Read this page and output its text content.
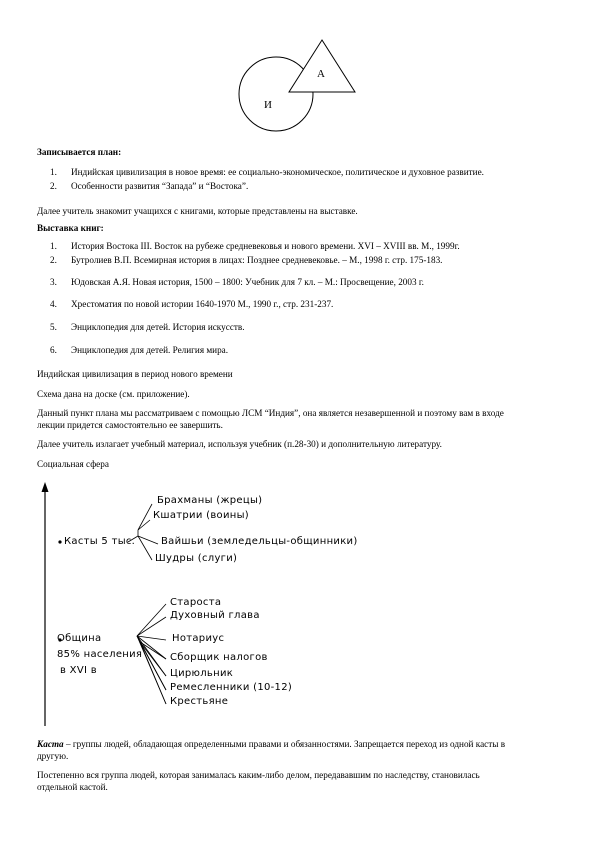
И
А
Записывается план:
1. Индийская цивилизация в новое время: ее социально-экономическое, политическое и духовное развитие.
2. Особенности развития “Запада” и “Востока”.
Далее учитель знакомит учащихся с книгами, которые представлены на выставке.
Выставка книг:
1. История Востока III. Восток на рубеже средневековья и нового времени. XVI – XVIII вв. М., 1999г.
2. Бутролиев В.П. Всемирная история в лицах: Позднее средневековье. – М., 1998 г. стр. 175-183.
3. Юдовская А.Я. Новая история, 1500 – 1800: Учебник для 7 кл. – М.: Просвещение, 2003 г.
4. Хрестоматия по новой истории 1640-1970 М., 1990 г., стр. 231-237.
5. Энциклопедия для детей. История искусств.
6. Энциклопедия для детей. Религия мира.
Индийская цивилизация в период нового времени
Схема дана на доске (см. приложение).
Данный пункт плана мы рассматриваем с помощью ЛСМ “Индия”, она является незавершенной и поэтому вам в входе
лекции придется самостоятельно ее завершить.
Далее учитель излагает учебный материал, используя учебник (п.28-30) и дополнительную литературу.
Социальная сфера
Касты 5 тыс.
Брахманы (жрецы)
Кшатрии (воины)
Вайшьи (земледельцы-общинники)
Шудры (слуги)
Община
85% населения
в XVI в
Староста
Духовный глава
Нотариус
Сборщик налогов
Цирюльник
Ремесленники (10-12)
Крестьяне
Каста – группы людей, обладающая определенными правами и обязанностями. Запрещается переход из одной касты в
другую.
Постепенно вся группа людей, которая занималась каким-либо делом, передававшим по наследству, становилась
отдельной кастой.
